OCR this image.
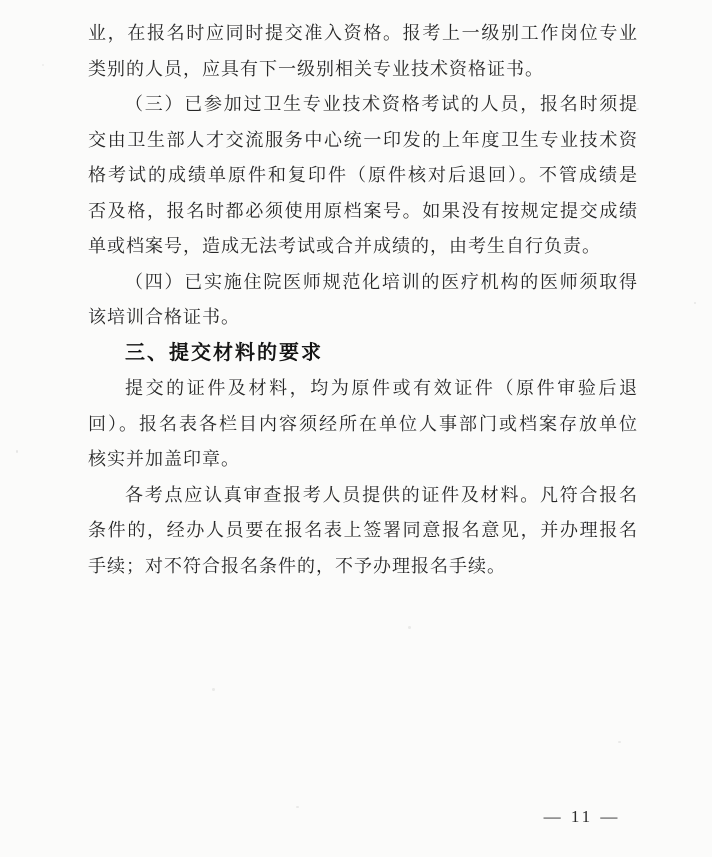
业，在报名时应同时提交准入资格。报考上一级别工作岗位专业
类别的人员，应具有下一级别相关专业技术资格证书。
（三）已参加过卫生专业技术资格考试的人员，报名时须提
交由卫生部人才交流服务中心统一印发的上年度卫生专业技术资
格考试的成绩单原件和复印件（原件核对后退回）。不管成绩是
否及格，报名时都必须使用原档案号。如果没有按规定提交成绩
单或档案号，造成无法考试或合并成绩的，由考生自行负责。
（四）已实施住院医师规范化培训的医疗机构的医师须取得
该培训合格证书。
三、提交材料的要求
提交的证件及材料，均为原件或有效证件（原件审验后退
回）。报名表各栏目内容须经所在单位人事部门或档案存放单位
核实并加盖印章。
各考点应认真审查报考人员提供的证件及材料。凡符合报名
条件的，经办人员要在报名表上签署同意报名意见，并办理报名
手续；对不符合报名条件的，不予办理报名手续。
— 11 —
